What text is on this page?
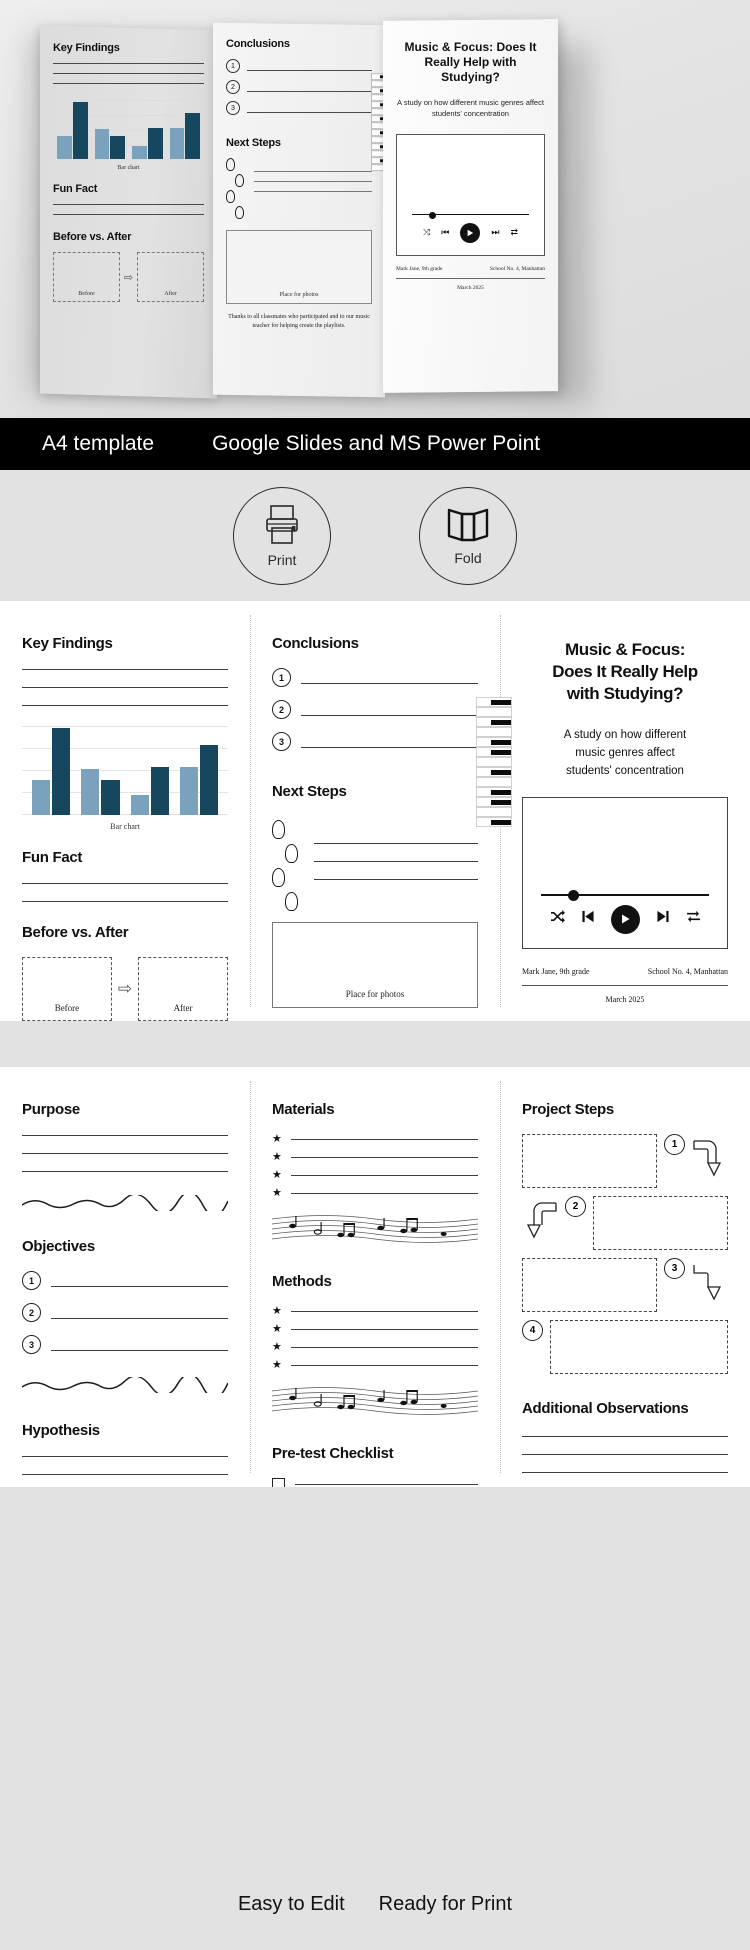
Key Findings
Bar chart
Fun Fact
Before vs. After
Before
⇨
After
Conclusions
1
2
3
Next Steps
Place for photos
Thanks to all classmates who participated and to our music teacher for helping create the playlists.
Music & Focus: Does It Really Help with Studying?
A study on how different music genres affect students' concentration
⤨ ⏮	⏭ ⇄
Mark Jane, 9th grade	School No. 4, Manhattan
March 2025
A4 template	Google Slides and MS Power Point
Print	Fold
Key Findings
Bar chart
Fun Fact
Before vs. After
Before
⇨
After
Conclusions
1
2
3
Next Steps
Place for photos
Music & Focus:
Does It Really Help
with Studying?
A study on how different
music genres affect
students' concentration
Mark Jane, 9th grade	School No. 4, Manhattan
March 2025
Purpose
Objectives
1
2
3
Hypothesis
Materials
★
★
★
★
Methods
★
★
★
★
Pre-test Checklist
Project Steps
1
2
3
4
Additional Observations
Easy to Edit Ready for Print
